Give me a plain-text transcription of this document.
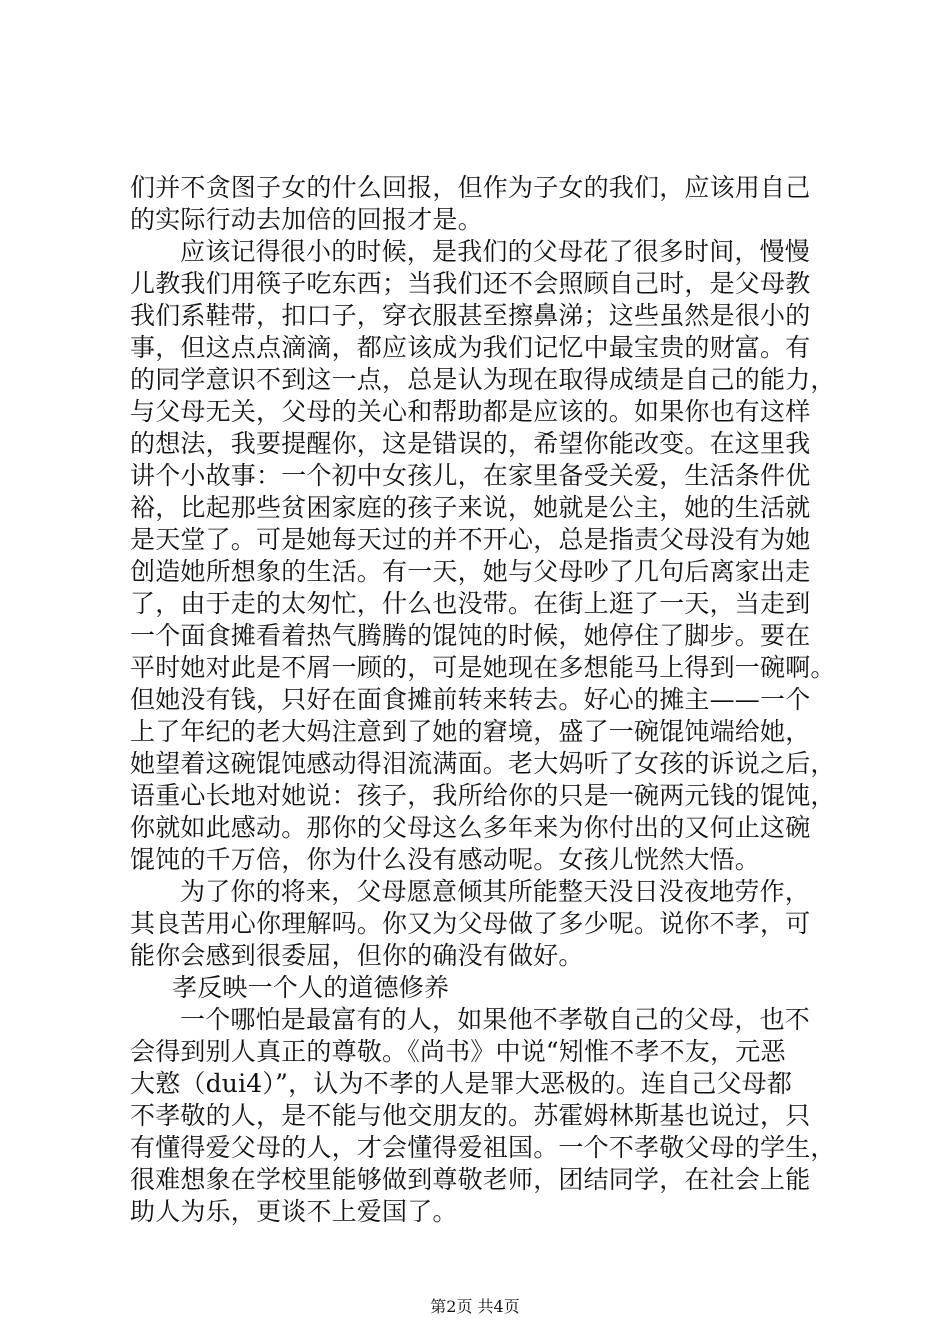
们并不贪图子女的什么回报，但作为子女的我们，应该用自己
的实际行动去加倍的回报才是。
应该记得很小的时候，是我们的父母花了很多时间，慢慢
儿教我们用筷子吃东西；当我们还不会照顾自己时，是父母教
我们系鞋带，扣口子，穿衣服甚至擦鼻涕；这些虽然是很小的
事，但这点点滴滴，都应该成为我们记忆中最宝贵的财富。有
的同学意识不到这一点，总是认为现在取得成绩是自己的能力，
与父母无关，父母的关心和帮助都是应该的。如果你也有这样
的想法，我要提醒你，这是错误的，希望你能改变。在这里我
讲个小故事：一个初中女孩儿，在家里备受关爱，生活条件优
裕，比起那些贫困家庭的孩子来说，她就是公主，她的生活就
是天堂了。可是她每天过的并不开心，总是指责父母没有为她
创造她所想象的生活。有一天，她与父母吵了几句后离家出走
了，由于走的太匆忙，什么也没带。在街上逛了一天，当走到
一个面食摊看着热气腾腾的馄饨的时候，她停住了脚步。要在
平时她对此是不屑一顾的，可是她现在多想能马上得到一碗啊。
但她没有钱，只好在面食摊前转来转去。好心的摊主——一个
上了年纪的老大妈注意到了她的窘境，盛了一碗馄饨端给她，
她望着这碗馄饨感动得泪流满面。老大妈听了女孩的诉说之后，
语重心长地对她说：孩子，我所给你的只是一碗两元钱的馄饨，
你就如此感动。那你的父母这么多年来为你付出的又何止这碗
馄饨的千万倍，你为什么没有感动呢。女孩儿恍然大悟。
为了你的将来，父母愿意倾其所能整天没日没夜地劳作，
其良苦用心你理解吗。你又为父母做了多少呢。说你不孝，可
能你会感到很委屈，但你的确没有做好。
孝反映一个人的道德修养
一个哪怕是最富有的人，如果他不孝敬自己的父母，也不
会得到别人真正的尊敬。《尚书》中说“矧惟不孝不友，元恶
大憝（dui4）”，认为不孝的人是罪大恶极的。连自己父母都
不孝敬的人，是不能与他交朋友的。苏霍姆林斯基也说过，只
有懂得爱父母的人，才会懂得爱祖国。一个不孝敬父母的学生，
很难想象在学校里能够做到尊敬老师，团结同学，在社会上能
助人为乐，更谈不上爱国了。
第2页 共4页
